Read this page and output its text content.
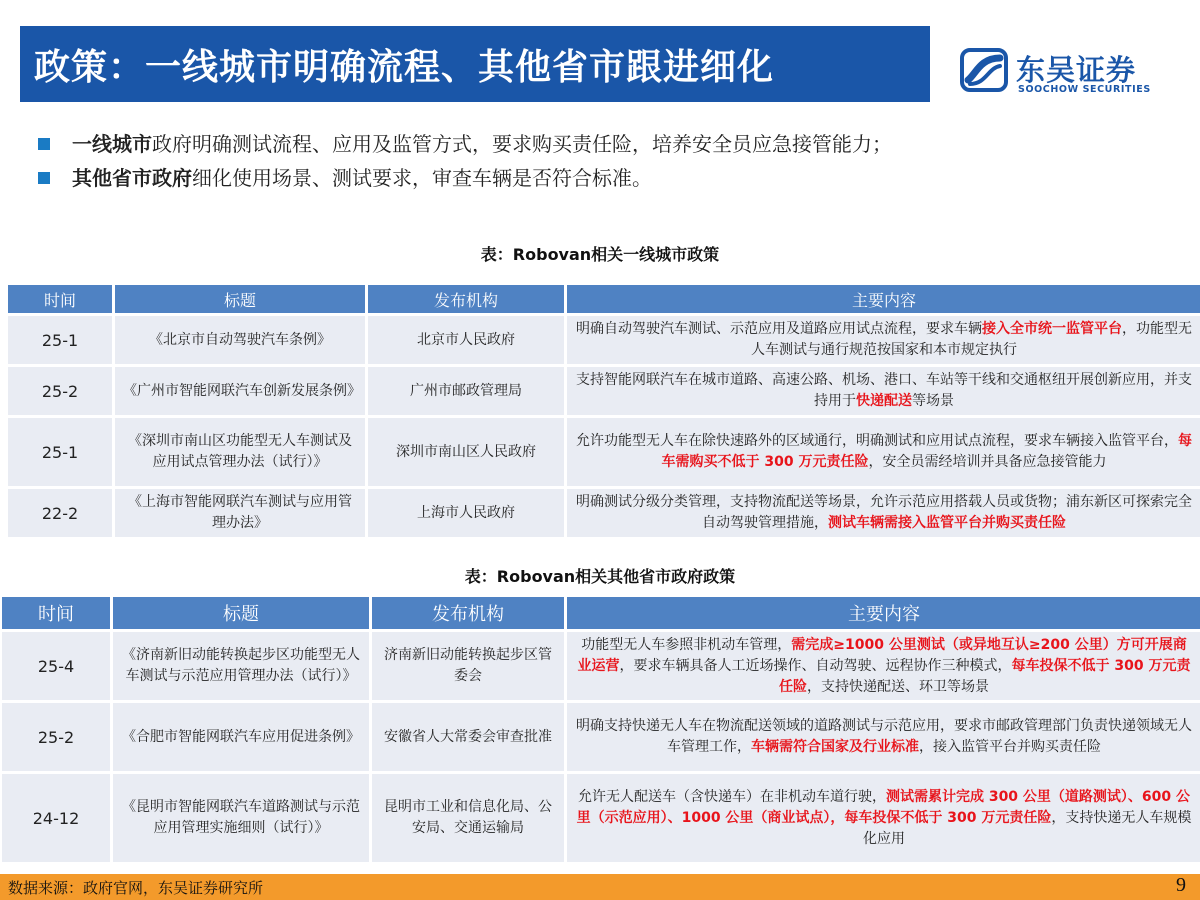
政策：一线城市明确流程、其他省市跟进细化	东吴证券
SOOCHOW SECURITIES
一线城市政府明确测试流程、应用及监管方式，要求购买责任险，培养安全员应急接管能力；
其他省市政府细化使用场景、测试要求，审查车辆是否符合标准。
表：Robovan相关一线城市政策
时间	标题	发布机构	主要内容
25-1	《北京市自动驾驶汽车条例》	北京市人民政府	明确自动驾驶汽车测试、示范应用及道路应用试点流程，要求车辆接入全市统一监管平台，功能型无人车测试与通行规范按国家和本市规定执行
25-2	《广州市智能网联汽车创新发展条例》	广州市邮政管理局	支持智能网联汽车在城市道路、高速公路、机场、港口、车站等干线和交通枢纽开展创新应用，并支持用于快递配送等场景
25-1	《深圳市南山区功能型无人车测试及应用试点管理办法（试行）》	深圳市南山区人民政府	允许功能型无人车在除快速路外的区域通行，明确测试和应用试点流程，要求车辆接入监管平台，每车需购买不低于 300 万元责任险，安全员需经培训并具备应急接管能力
22-2	《上海市智能网联汽车测试与应用管理办法》	上海市人民政府	明确测试分级分类管理，支持物流配送等场景，允许示范应用搭载人员或货物；浦东新区可探索完全自动驾驶管理措施，测试车辆需接入监管平台并购买责任险
表：Robovan相关其他省市政府政策
时间	标题	发布机构	主要内容
25-4	《济南新旧动能转换起步区功能型无人车测试与示范应用管理办法（试行）》	济南新旧动能转换起步区管委会	功能型无人车参照非机动车管理，需完成≥1000 公里测试（或异地互认≥200 公里）方可开展商业运营，要求车辆具备人工近场操作、自动驾驶、远程协作三种模式，每车投保不低于 300 万元责任险，支持快递配送、环卫等场景
25-2	《合肥市智能网联汽车应用促进条例》	安徽省人大常委会审查批准	明确支持快递无人车在物流配送领域的道路测试与示范应用，要求市邮政管理部门负责快递领域无人车管理工作，车辆需符合国家及行业标准，接入监管平台并购买责任险
24-12	《昆明市智能网联汽车道路测试与示范应用管理实施细则（试行）》	昆明市工业和信息化局、公安局、交通运输局	允许无人配送车（含快递车）在非机动车道行驶，测试需累计完成 300 公里（道路测试）、600 公里（示范应用）、1000 公里（商业试点），每车投保不低于 300 万元责任险，支持快递无人车规模化应用
数据来源：政府官网，东吴证券研究所	9
